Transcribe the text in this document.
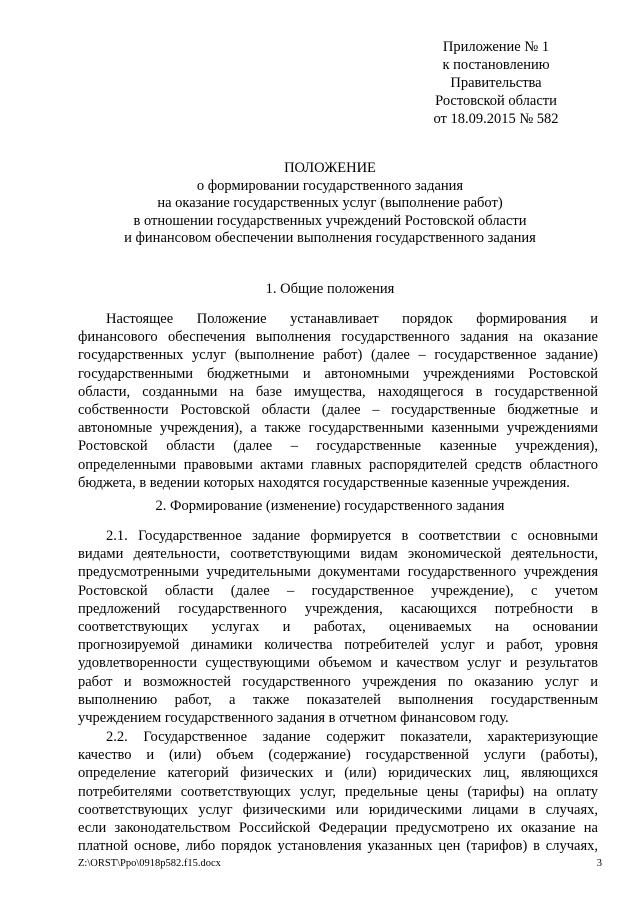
Приложение № 1
к постановлению
Правительства
Ростовской области
от 18.09.2015 № 582
ПОЛОЖЕНИЕ
о формировании государственного задания
на оказание государственных услуг (выполнение работ)
в отношении государственных учреждений Ростовской области
и финансовом обеспечении выполнения государственного задания
1. Общие положения
Настоящее Положение устанавливает порядок формирования и
финансового обеспечения выполнения государственного задания на оказание
государственных услуг (выполнение работ) (далее – государственное задание)
государственными бюджетными и автономными учреждениями Ростовской
области, созданными на базе имущества, находящегося в государственной
собственности Ростовской области (далее – государственные бюджетные и
автономные учреждения), а также государственными казенными учреждениями
Ростовской области (далее – государственные казенные учреждения),
определенными правовыми актами главных распорядителей средств областного
бюджета, в ведении которых находятся государственные казенные учреждения.
2. Формирование (изменение) государственного задания
2.1. Государственное задание формируется в соответствии с основными
видами деятельности, соответствующими видам экономической деятельности,
предусмотренными учредительными документами государственного учреждения
Ростовской области (далее – государственное учреждение), с учетом
предложений государственного учреждения, касающихся потребности в
соответствующих услугах и работах, оцениваемых на основании
прогнозируемой динамики количества потребителей услуг и работ, уровня
удовлетворенности существующими объемом и качеством услуг и результатов
работ и возможностей государственного учреждения по оказанию услуг и
выполнению работ, а также показателей выполнения государственным
учреждением государственного задания в отчетном финансовом году.
2.2. Государственное задание содержит показатели, характеризующие
качество и (или) объем (содержание) государственной услуги (работы),
определение категорий физических и (или) юридических лиц, являющихся
потребителями соответствующих услуг, предельные цены (тарифы) на оплату
соответствующих услуг физическими или юридическими лицами в случаях,
если законодательством Российской Федерации предусмотрено их оказание на
платной основе, либо порядок установления указанных цен (тарифов) в случаях,
Z:\ORST\Ppo\0918p582.f15.docx	3
